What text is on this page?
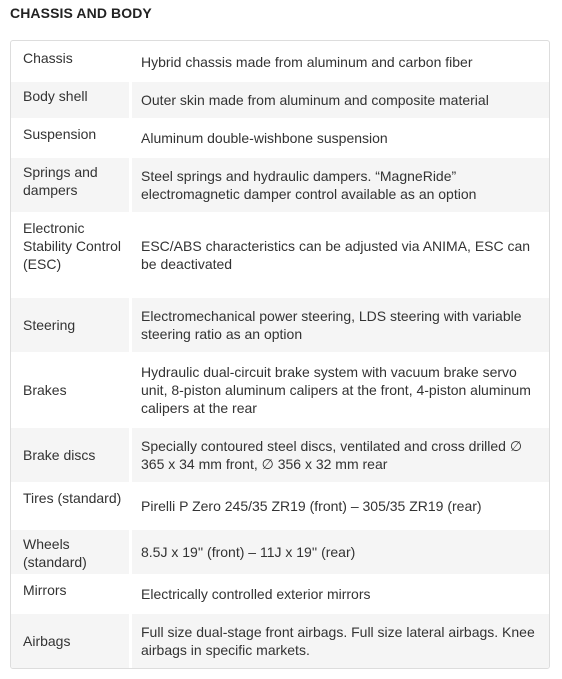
CHASSIS AND BODY
Chassis	Hybrid chassis made from aluminum and carbon fiber

Body shell	Outer skin made from aluminum and composite material

Suspension	Aluminum double-wishbone suspension

Springs and dampers	Steel springs and hydraulic dampers. “MagneRide” electromagnetic damper control available as an option

Electronic Stability Control (ESC)	ESC/ABS characteristics can be adjusted via ANIMA, ESC can be deactivated
Steering	Electromechanical power steering, LDS steering with variable steering ratio as an option
Brakes	Hydraulic dual-circuit brake system with vacuum brake servo unit, 8-piston aluminum calipers at the front, 4-piston aluminum calipers at the rear
Brake discs	Specially contoured steel discs, ventilated and cross drilled ∅ 365 x 34 mm front, ∅ 356 x 32 mm rear

Tires (standard)	Pirelli P Zero 245/35 ZR19 (front) – 305/35 ZR19 (rear)

Wheels (standard)	8.5J x 19'' (front) – 11J x 19'' (rear)

Mirrors	Electrically controlled exterior mirrors
Airbags	Full size dual-stage front airbags. Full size lateral airbags. Knee airbags in specific markets.
